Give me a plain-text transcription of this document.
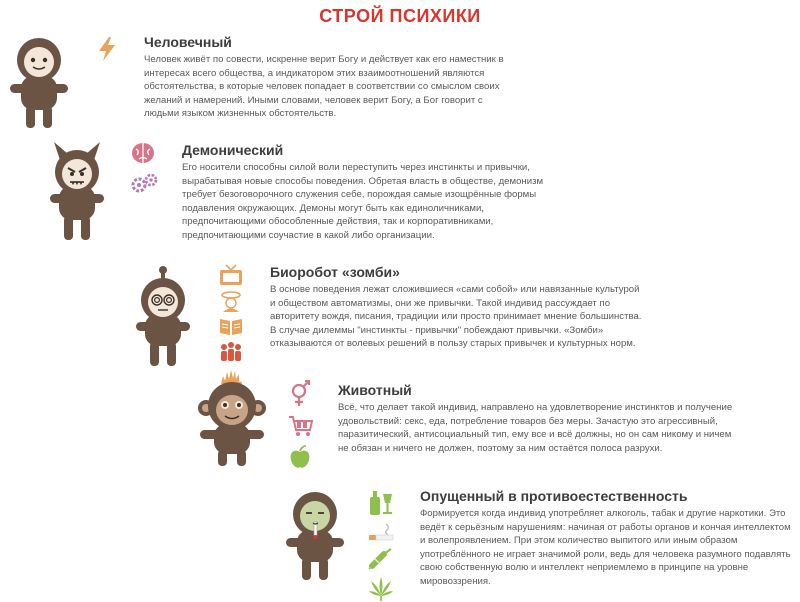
СТРОЙ ПСИХИКИ
Человечный

Человек живёт по совести, искренне верит Богу и действует как его наместник в интересах всего общества, а индикатором этих взаимоотношений являются обстоятельства, в которые человек попадает в соответствии со смыслом своих желаний и намерений. Иными словами, человек верит Богу, а Бог говорит с людьми языком жизненных обстоятельств.

Демонический

Его носители способны силой воли переступить через инстинкты и привычки, вырабатывая новые способы поведения. Обретая власть в обществе, демонизм требует безоговорочного служения себе, порождая самые изощрённые формы подавления окружающих. Демоны могут быть как единоличниками, предпочитающими обособленные действия, так и корпоративниками, предпочитающими соучастие в какой либо организации.

Биоробот «зомби»

В основе поведения лежат сложившиеся «сами собой» или навязанные культурой и обществом автоматизмы, они же привычки. Такой индивид рассуждает по авторитету вождя, писания, традиции или просто принимает мнение большинства. В случае дилеммы "инстинкты - привычки" побеждают привычки. «Зомби» отказываются от волевых решений в пользу старых привычек и культурных норм.

Животный

Всё, что делает такой индивид, направлено на удовлетворение инстинктов и получение удовольствий: секс, еда, потребление товаров без меры. Зачастую это агрессивный, паразитический, антисоциальный тип, ему все и всё должны, но он сам никому и ничем не обязан и ничего не должен, поэтому за ним остаётся полоса разрухи.

Опущенный в противоестественность

Формируется когда индивид употребляет алкоголь, табак и другие наркотики. Это ведёт к серьёзным нарушениям: начиная от работы органов и кончая интеллектом и волепроявлением. При этом количество выпитого или иным образом употреблённого не играет значимой роли, ведь для человека разумного подавлять свою собственную волю и интеллект неприемлемо в принципе на уровне мировоззрения.
